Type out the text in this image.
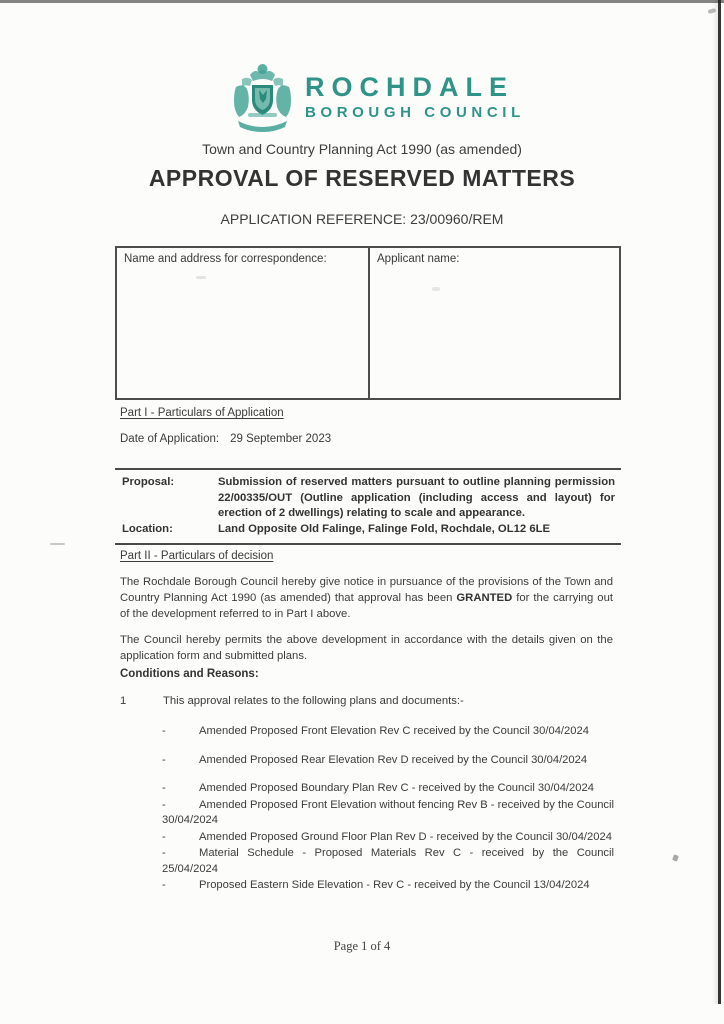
ROCHDALE
BOROUGH COUNCIL
Town and Country Planning Act 1990 (as amended)
APPROVAL OF RESERVED MATTERS
APPLICATION REFERENCE: 23/00960/REM
Name and address for correspondence:	Applicant name:
Part I - Particulars of Application
Date of Application: 29 September 2023
Proposal:	Submission of reserved matters pursuant to outline planning permission 22/00335/OUT (Outline application (including access and layout) for erection of 2 dwellings) relating to scale and appearance.
Location:	Land Opposite Old Falinge, Falinge Fold, Rochdale, OL12 6LE
Part II - Particulars of decision
The Rochdale Borough Council hereby give notice in pursuance of the provisions of the Town and Country Planning Act 1990 (as amended) that approval has been GRANTED for the carrying out of the development referred to in Part I above.
The Council hereby permits the above development in accordance with the details given on the application form and submitted plans.
Conditions and Reasons:
1	This approval relates to the following plans and documents:-
-	Amended Proposed Front Elevation Rev C received by the Council 30/04/2024
-	Amended Proposed Rear Elevation Rev D received by the Council 30/04/2024
-	Amended Proposed Boundary Plan Rev C - received by the Council 30/04/2024
-	Amended Proposed Front Elevation without fencing Rev B - received by the Council 30/04/2024
-	Amended Proposed Ground Floor Plan Rev D - received by the Council 30/04/2024
-	Material Schedule - Proposed Materials Rev C - received by the Council 25/04/2024
-	Proposed Eastern Side Elevation - Rev C - received by the Council 13/04/2024
Page 1 of 4
